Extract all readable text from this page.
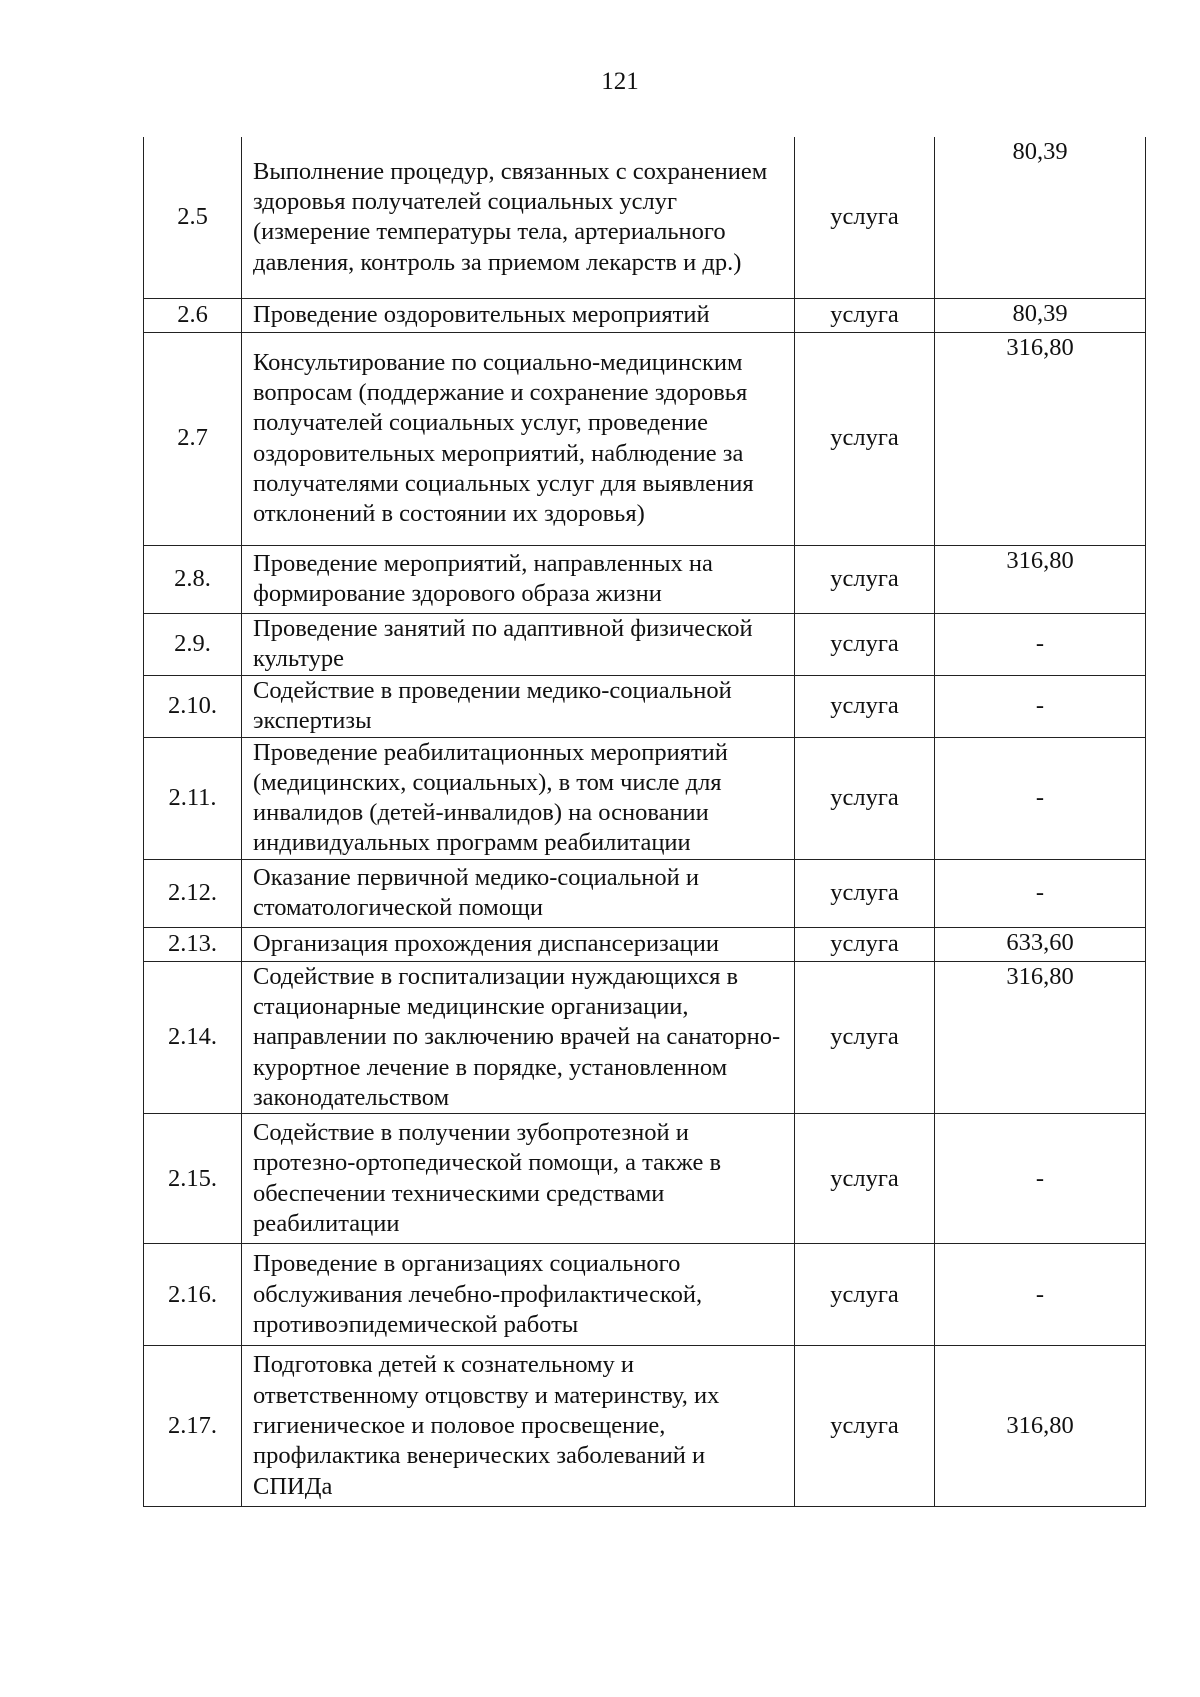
121
2.5	Выполнение процедур, связанных с сохранением здоровья получателей социальных услуг (измерение температуры тела, артериального давления, контроль за приемом лекарств и др.)	услуга	80,39
2.6	Проведение оздоровительных мероприятий	услуга	80,39
2.7	Консультирование по социально-медицинским вопросам (поддержание и сохранение здоровья получателей социальных услуг, проведение оздоровительных мероприятий, наблюдение за получателями социальных услуг для выявления отклонений в состоянии их здоровья)	услуга	316,80
2.8.	Проведение мероприятий, направленных на формирование здорового образа жизни	услуга	316,80
2.9.	Проведение занятий по адаптивной физической культуре	услуга	-
2.10.	Содействие в проведении медико-социальной экспертизы	услуга	-
2.11.	Проведение реабилитационных мероприятий (медицинских, социальных), в том числе для инвалидов (детей-инвалидов) на основании индивидуальных программ реабилитации	услуга	-
2.12.	Оказание первичной медико-социальной и стоматологической помощи	услуга	-
2.13.	Организация прохождения диспансеризации	услуга	633,60
2.14.	Содействие в госпитализации нуждающихся в стационарные медицинские организации, направлении по заключению врачей на санаторно-курортное лечение в порядке, установленном законодательством	услуга	316,80
2.15.	Содействие в получении зубопротезной и протезно-ортопедической помощи, а также в обеспечении техническими средствами реабилитации	услуга	-
2.16.	Проведение в организациях социального обслуживания лечебно-профилактической, противоэпидемической работы	услуга	-
2.17.	Подготовка детей к сознательному и ответственному отцовству и материнству, их гигиеническое и половое просвещение, профилактика венерических заболеваний и СПИДа	услуга	316,80
